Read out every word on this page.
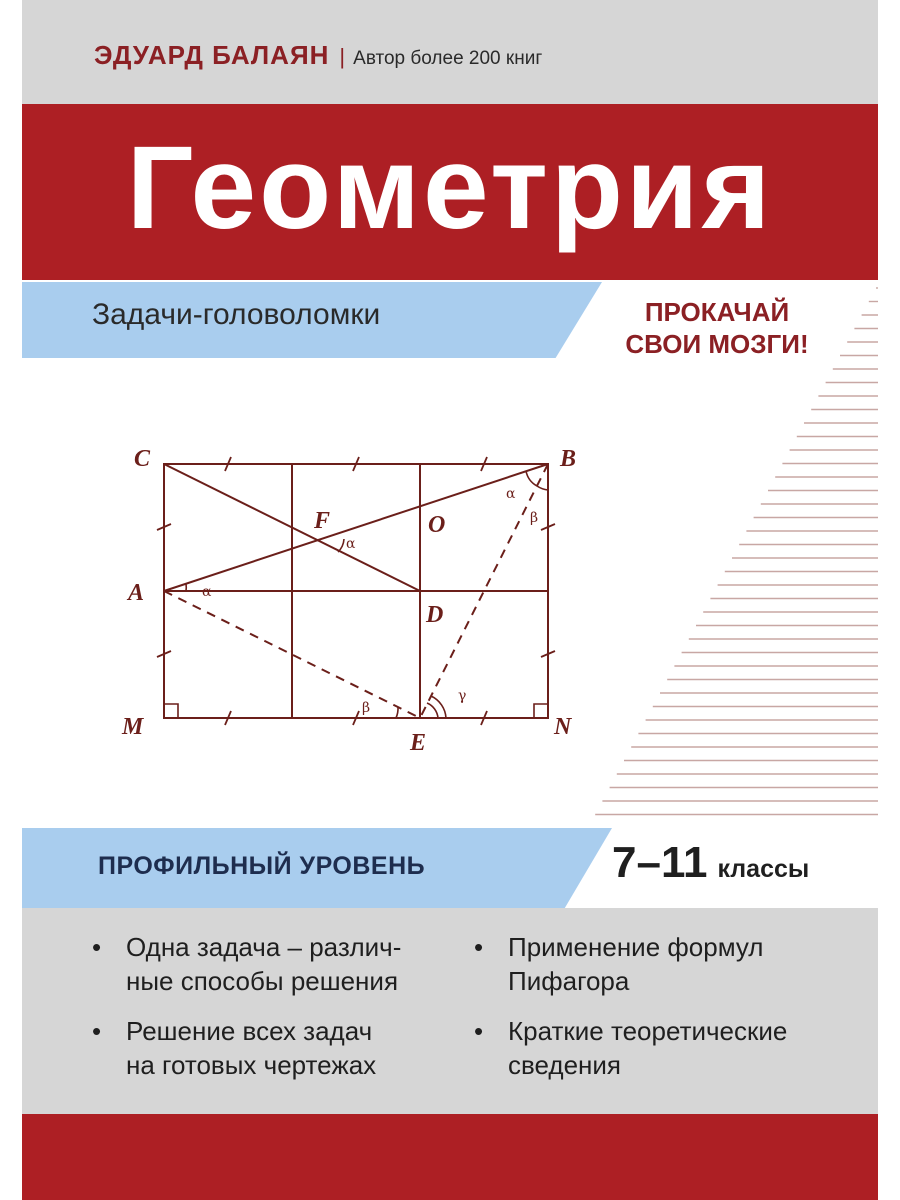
ЭДУАРД БАЛАЯН | Автор более 200 книг
Геометрия
Задачи-головоломки	ПРОКАЧАЙ
СВОИ МОЗГИ!
C	B
A
M	N
E
F	O
D
α
α
α
β
β
γ
ПРОФИЛЬНЫЙ УРОВЕНЬ	7–11 классы
• Одна задача – различ-
ные способы решения
• Применение формул
Пифагора
• Решение всех задач
на готовых чертежах
• Краткие теоретические
сведения
